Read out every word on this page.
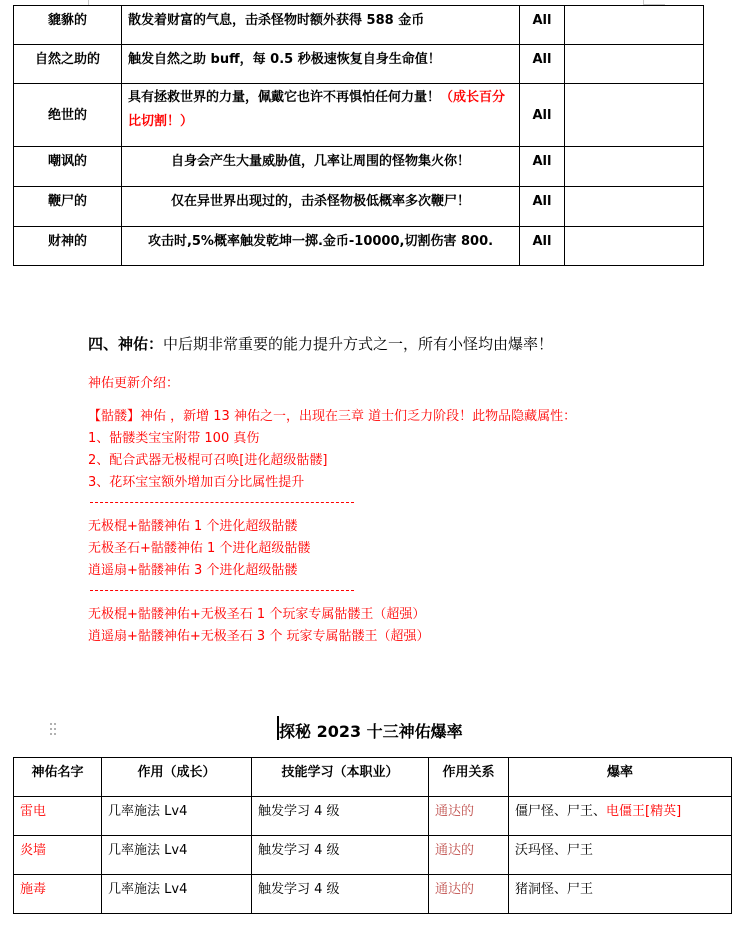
貔貅的	散发着财富的气息，击杀怪物时额外获得 588 金币	All	
自然之助的	触发自然之助 buff，每 0.5 秒极速恢复自身生命值！	All	
绝世的	具有拯救世界的力量，佩戴它也许不再惧怕任何力量！（成长百分比切割！）	All	
嘲讽的	自身会产生大量威胁值，几率让周围的怪物集火你！	All	
鞭尸的	仅在异世界出现过的，击杀怪物极低概率多次鞭尸！	All	
财神的	攻击时,5%概率触发乾坤一掷.金币-10000,切割伤害 800.	All	
四、神佑：中后期非常重要的能力提升方式之一，所有小怪均由爆率！
神佑更新介绍：
【骷髅】神佑 ，新增 13 神佑之一，出现在三章 道士们乏力阶段！此物品隐藏属性：
1、骷髅类宝宝附带 100 真伤
2、配合武器无极棍可召唤[进化超级骷髅]
3、花环宝宝额外增加百分比属性提升
无极棍+骷髅神佑 1 个进化超级骷髅
无极圣石+骷髅神佑 1 个进化超级骷髅
逍遥扇+骷髅神佑 3 个进化超级骷髅
无极棍+骷髅神佑+无极圣石 1 个玩家专属骷髅王（超强）
逍遥扇+骷髅神佑+无极圣石 3 个 玩家专属骷髅王（超强）
探秘 2023 十三神佑爆率
神佑名字	作用（成长）	技能学习（本职业）	作用关系	爆率
雷电	几率施法 Lv4	触发学习 4 级	通达的	僵尸怪、尸王、电僵王[精英]
炎墙	几率施法 Lv4	触发学习 4 级	通达的	沃玛怪、尸王
施毒	几率施法 Lv4	触发学习 4 级	通达的	猪洞怪、尸王
